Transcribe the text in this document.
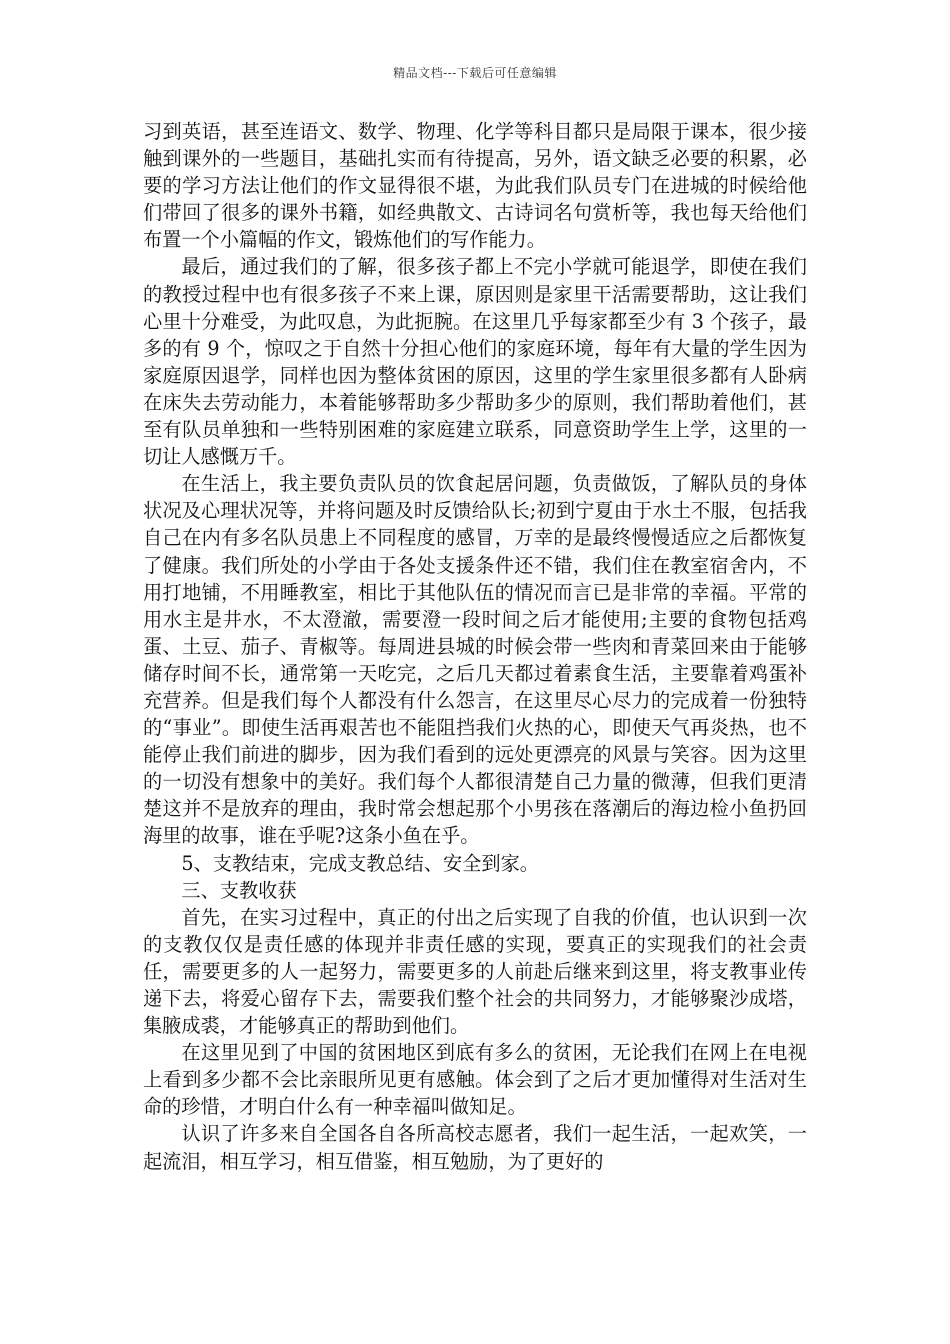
精品文档---下载后可任意编辑

习到英语，甚至连语文、数学、物理、化学等科目都只是局限于课本，很少接触到课外的一些题目，基础扎实而有待提高，另外，语文缺乏必要的积累，必要的学习方法让他们的作文显得很不堪，为此我们队员专门在进城的时候给他们带回了很多的课外书籍，如经典散文、古诗词名句赏析等，我也每天给他们布置一个小篇幅的作文，锻炼他们的写作能力。

最后，通过我们的了解，很多孩子都上不完小学就可能退学，即使在我们的教授过程中也有很多孩子不来上课，原因则是家里干活需要帮助，这让我们心里十分难受，为此叹息，为此扼腕。在这里几乎每家都至少有 3 个孩子，最多的有 9 个，惊叹之于自然十分担心他们的家庭环境，每年有大量的学生因为家庭原因退学，同样也因为整体贫困的原因，这里的学生家里很多都有人卧病在床失去劳动能力，本着能够帮助多少帮助多少的原则，我们帮助着他们，甚至有队员单独和一些特别困难的家庭建立联系，同意资助学生上学，这里的一切让人感慨万千。

在生活上，我主要负责队员的饮食起居问题，负责做饭，了解队员的身体状况及心理状况等，并将问题及时反馈给队长;初到宁夏由于水土不服，包括我自己在内有多名队员患上不同程度的感冒，万幸的是最终慢慢适应之后都恢复了健康。我们所处的小学由于各处支援条件还不错，我们住在教室宿舍内，不用打地铺，不用睡教室，相比于其他队伍的情况而言已是非常的幸福。平常的用水主是井水，不太澄澈，需要澄一段时间之后才能使用;主要的食物包括鸡蛋、土豆、茄子、青椒等。每周进县城的时候会带一些肉和青菜回来由于能够储存时间不长，通常第一天吃完，之后几天都过着素食生活，主要靠着鸡蛋补充营养。但是我们每个人都没有什么怨言，在这里尽心尽力的完成着一份独特的“事业”。即使生活再艰苦也不能阻挡我们火热的心，即使天气再炎热，也不能停止我们前进的脚步，因为我们看到的远处更漂亮的风景与笑容。因为这里的一切没有想象中的美好。我们每个人都很清楚自己力量的微薄，但我们更清楚这并不是放弃的理由，我时常会想起那个小男孩在落潮后的海边检小鱼扔回海里的故事，谁在乎呢?这条小鱼在乎。

5、支教结束，完成支教总结、安全到家。

三、支教收获

首先，在实习过程中，真正的付出之后实现了自我的价值，也认识到一次的支教仅仅是责任感的体现并非责任感的实现，要真正的实现我们的社会责任，需要更多的人一起努力，需要更多的人前赴后继来到这里，将支教事业传递下去，将爱心留存下去，需要我们整个社会的共同努力，才能够聚沙成塔，集腋成裘，才能够真正的帮助到他们。

在这里见到了中国的贫困地区到底有多么的贫困，无论我们在网上在电视上看到多少都不会比亲眼所见更有感触。体会到了之后才更加懂得对生活对生命的珍惜，才明白什么有一种幸福叫做知足。

认识了许多来自全国各自各所高校志愿者，我们一起生活，一起欢笑，一起流泪，相互学习，相互借鉴，相互勉励，为了更好的
